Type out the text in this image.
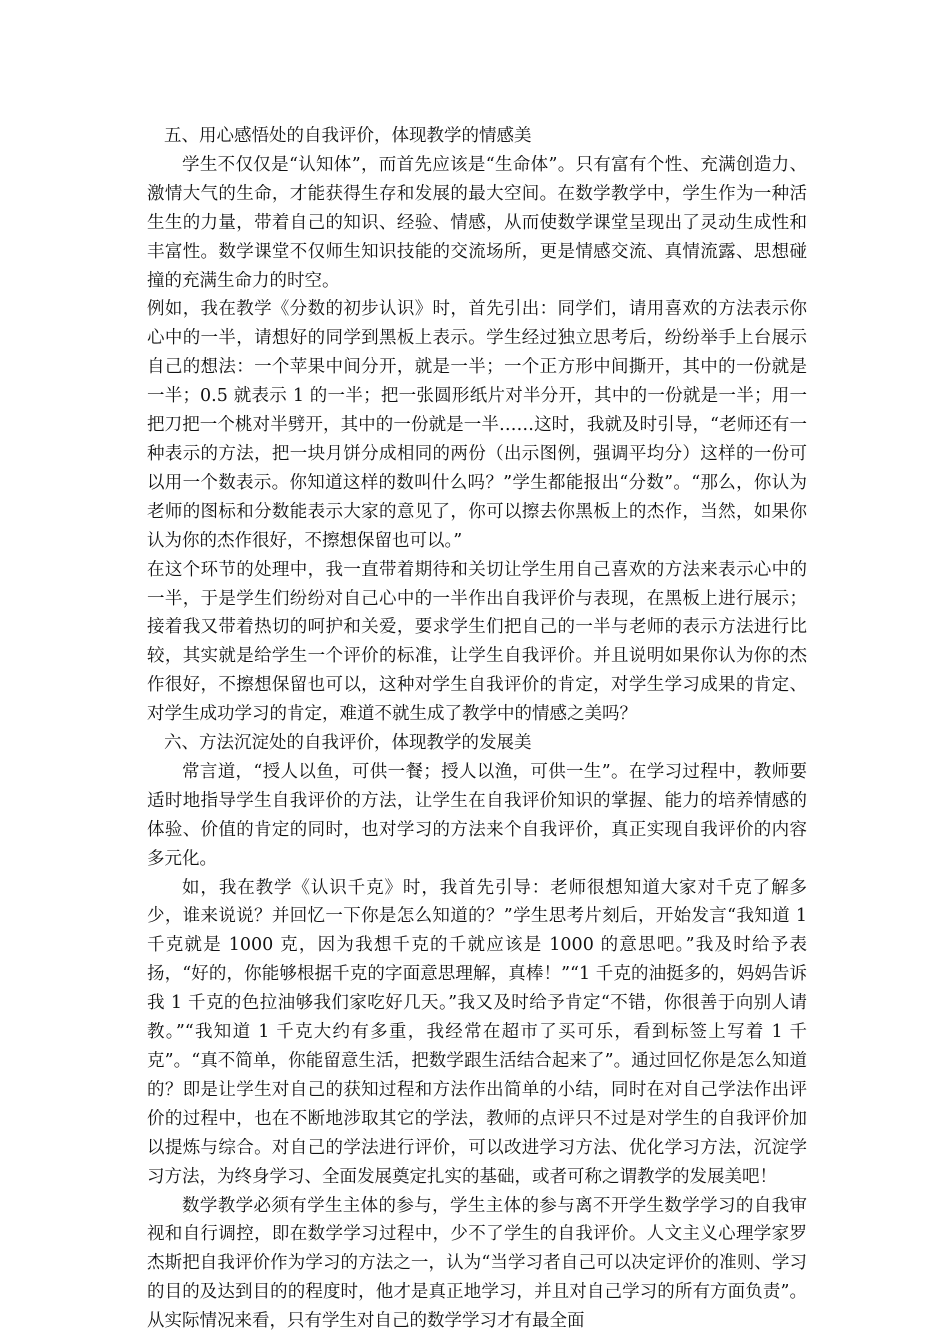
五、用心感悟处的自我评价，体现教学的情感美

学生不仅仅是“认知体”，而首先应该是“生命体”。只有富有个性、充满创造力、激情大气的生命，才能获得生存和发展的最大空间。在数学教学中，学生作为一种活生生的力量，带着自己的知识、经验、情感，从而使数学课堂呈现出了灵动生成性和丰富性。数学课堂不仅师生知识技能的交流场所，更是情感交流、真情流露、思想碰撞的充满生命力的时空。

例如，我在教学《分数的初步认识》时，首先引出：同学们，请用喜欢的方法表示你心中的一半，请想好的同学到黑板上表示。学生经过独立思考后，纷纷举手上台展示自己的想法：一个苹果中间分开，就是一半；一个正方形中间撕开，其中的一份就是一半；0.5 就表示 1 的一半；把一张圆形纸片对半分开，其中的一份就是一半；用一把刀把一个桃对半劈开，其中的一份就是一半……这时，我就及时引导，“老师还有一种表示的方法，把一块月饼分成相同的两份（出示图例，强调平均分）这样的一份可以用一个数表示。你知道这样的数叫什么吗？”学生都能报出“分数”。“那么，你认为老师的图标和分数能表示大家的意见了，你可以擦去你黑板上的杰作，当然，如果你认为你的杰作很好，不擦想保留也可以。”

在这个环节的处理中，我一直带着期待和关切让学生用自己喜欢的方法来表示心中的一半，于是学生们纷纷对自己心中的一半作出自我评价与表现，在黑板上进行展示；接着我又带着热切的呵护和关爱，要求学生们把自己的一半与老师的表示方法进行比较，其实就是给学生一个评价的标准，让学生自我评价。并且说明如果你认为你的杰作很好，不擦想保留也可以，这种对学生自我评价的肯定，对学生学习成果的肯定、对学生成功学习的肯定，难道不就生成了教学中的情感之美吗？

六、方法沉淀处的自我评价，体现教学的发展美

常言道，“授人以鱼，可供一餐；授人以渔，可供一生”。在学习过程中，教师要适时地指导学生自我评价的方法，让学生在自我评价知识的掌握、能力的培养情感的体验、价值的肯定的同时，也对学习的方法来个自我评价，真正实现自我评价的内容多元化。

如，我在教学《认识千克》时，我首先引导：老师很想知道大家对千克了解多少，谁来说说？并回忆一下你是怎么知道的？”学生思考片刻后，开始发言“我知道 1 千克就是 1000 克，因为我想千克的千就应该是 1000 的意思吧。”我及时给予表扬，“好的，你能够根据千克的字面意思理解，真棒！”“1 千克的油挺多的，妈妈告诉我 1 千克的色拉油够我们家吃好几天。”我又及时给予肯定“不错，你很善于向别人请教。”“我知道 1 千克大约有多重，我经常在超市了买可乐，看到标签上写着 1 千克”。“真不简单，你能留意生活，把数学跟生活结合起来了”。通过回忆你是怎么知道的？即是让学生对自己的获知过程和方法作出简单的小结，同时在对自己学法作出评价的过程中，也在不断地涉取其它的学法，教师的点评只不过是对学生的自我评价加以提炼与综合。对自己的学法进行评价，可以改进学习方法、优化学习方法，沉淀学习方法，为终身学习、全面发展奠定扎实的基础，或者可称之谓教学的发展美吧！

数学教学必须有学生主体的参与，学生主体的参与离不开学生数学学习的自我审视和自行调控，即在数学学习过程中，少不了学生的自我评价。人文主义心理学家罗杰斯把自我评价作为学习的方法之一，认为“当学习者自己可以决定评价的准则、学习的目的及达到目的的程度时，他才是真正地学习，并且对自己学习的所有方面负责”。从实际情况来看，只有学生对自己的数学学习才有最全面
